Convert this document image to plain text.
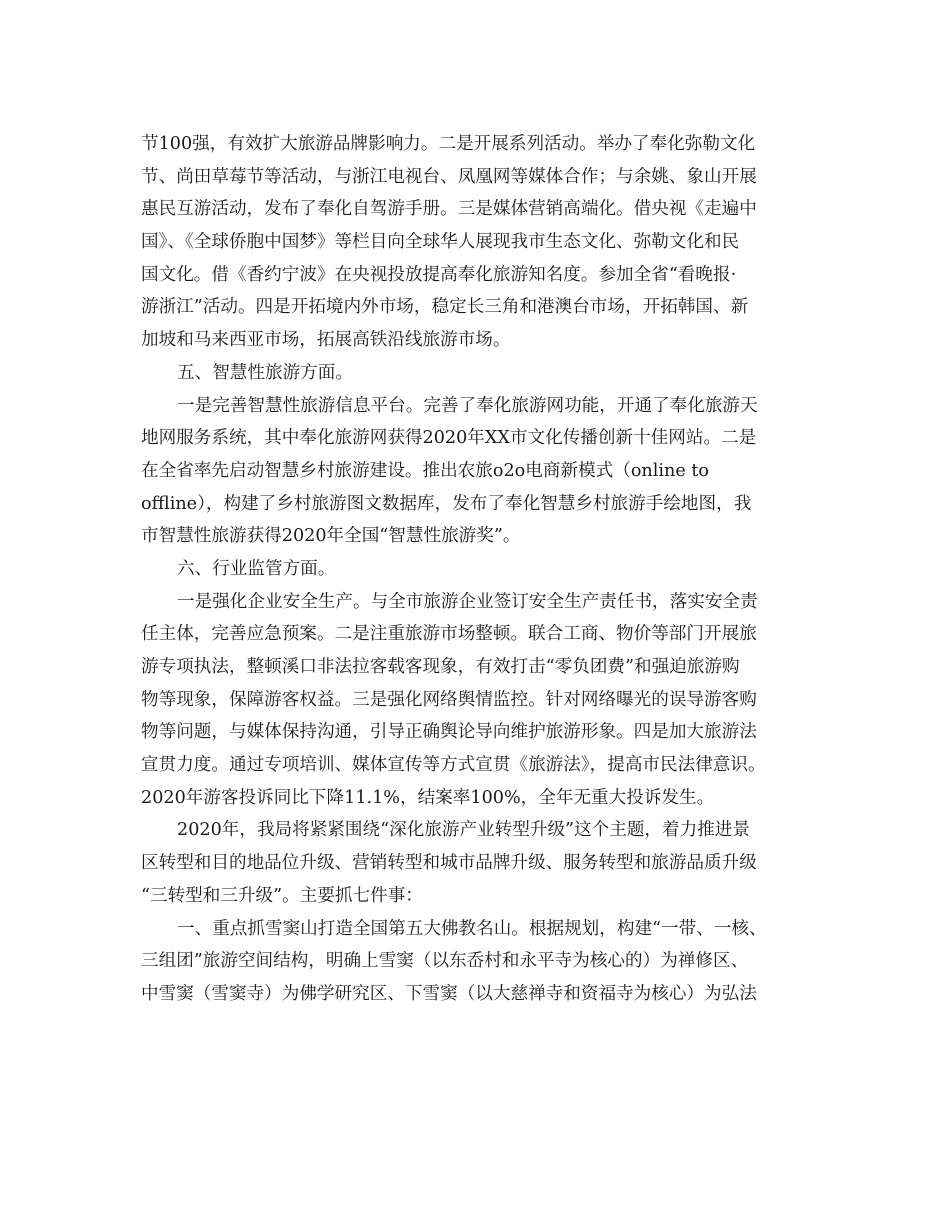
节100强，有效扩大旅游品牌影响力。二是开展系列活动。举办了奉化弥勒文化
节、尚田草莓节等活动，与浙江电视台、凤凰网等媒体合作；与余姚、象山开展
惠民互游活动，发布了奉化自驾游手册。三是媒体营销高端化。借央视《走遍中
国》、《全球侨胞中国梦》等栏目向全球华人展现我市生态文化、弥勒文化和民
国文化。借《香约宁波》在央视投放提高奉化旅游知名度。参加全省“看晚报·
游浙江”活动。四是开拓境内外市场，稳定长三角和港澳台市场，开拓韩国、新
加坡和马来西亚市场，拓展高铁沿线旅游市场。
五、智慧性旅游方面。
一是完善智慧性旅游信息平台。完善了奉化旅游网功能，开通了奉化旅游天
地网服务系统，其中奉化旅游网获得2020年XX市文化传播创新十佳网站。二是
在全省率先启动智慧乡村旅游建设。推出农旅o2o电商新模式（online to
offline），构建了乡村旅游图文数据库，发布了奉化智慧乡村旅游手绘地图，我
市智慧性旅游获得2020年全国“智慧性旅游奖”。
六、行业监管方面。
一是强化企业安全生产。与全市旅游企业签订安全生产责任书，落实安全责
任主体，完善应急预案。二是注重旅游市场整顿。联合工商、物价等部门开展旅
游专项执法，整顿溪口非法拉客载客现象，有效打击“零负团费”和强迫旅游购
物等现象，保障游客权益。三是强化网络舆情监控。针对网络曝光的误导游客购
物等问题，与媒体保持沟通，引导正确舆论导向维护旅游形象。四是加大旅游法
宣贯力度。通过专项培训、媒体宣传等方式宣贯《旅游法》，提高市民法律意识。
2020年游客投诉同比下降11.1%，结案率100%，全年无重大投诉发生。
2020年，我局将紧紧围绕“深化旅游产业转型升级”这个主题，着力推进景
区转型和目的地品位升级、营销转型和城市品牌升级、服务转型和旅游品质升级
“三转型和三升级”。主要抓七件事：
一、重点抓雪窦山打造全国第五大佛教名山。根据规划，构建“一带、一核、
三组团”旅游空间结构，明确上雪窦（以东岙村和永平寺为核心的）为禅修区、
中雪窦（雪窦寺）为佛学研究区、下雪窦（以大慈禅寺和资福寺为核心）为弘法
